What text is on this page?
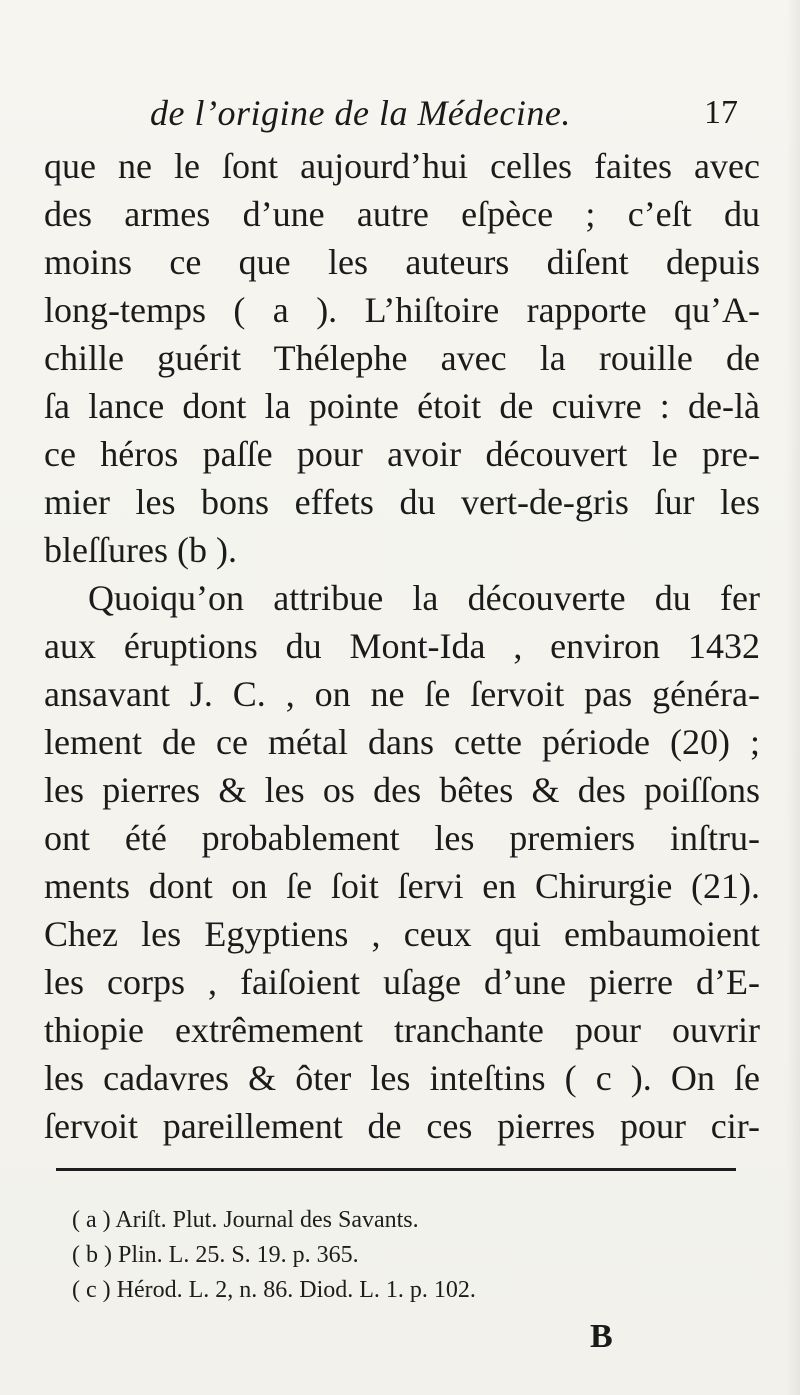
de l’origine de la Médecine.	17
que ne le ſont aujourd’hui celles faites avec
des armes d’une autre eſpèce ; c’eſt du
moins ce que les auteurs diſent depuis
long-temps ( a ). L’hiſtoire rapporte qu’A-
chille guérit Thélephe avec la rouille de
ſa lance dont la pointe étoit de cuivre : de-là
ce héros paſſe pour avoir découvert le pre-
mier les bons effets du vert-de-gris ſur les
bleſſures (b ).
Quoiqu’on attribue la découverte du fer
aux éruptions du Mont-Ida , environ 1432
ansavant J. C. , on ne ſe ſervoit pas généra-
lement de ce métal dans cette période (20) ;
les pierres & les os des bêtes & des poiſſons
ont été probablement les premiers inſtru-
ments dont on ſe ſoit ſervi en Chirurgie (21).
Chez les Egyptiens , ceux qui embaumoient
les corps , faiſoient uſage d’une pierre d’E-
thiopie extrêmement tranchante pour ouvrir
les cadavres & ôter les inteſtins ( c ). On ſe
ſervoit pareillement de ces pierres pour cir-
( a ) Ariſt. Plut. Journal des Savants.
( b ) Plin. L. 25. S. 19. p. 365.
( c ) Hérod. L. 2, n. 86. Diod. L. 1. p. 102.
B
